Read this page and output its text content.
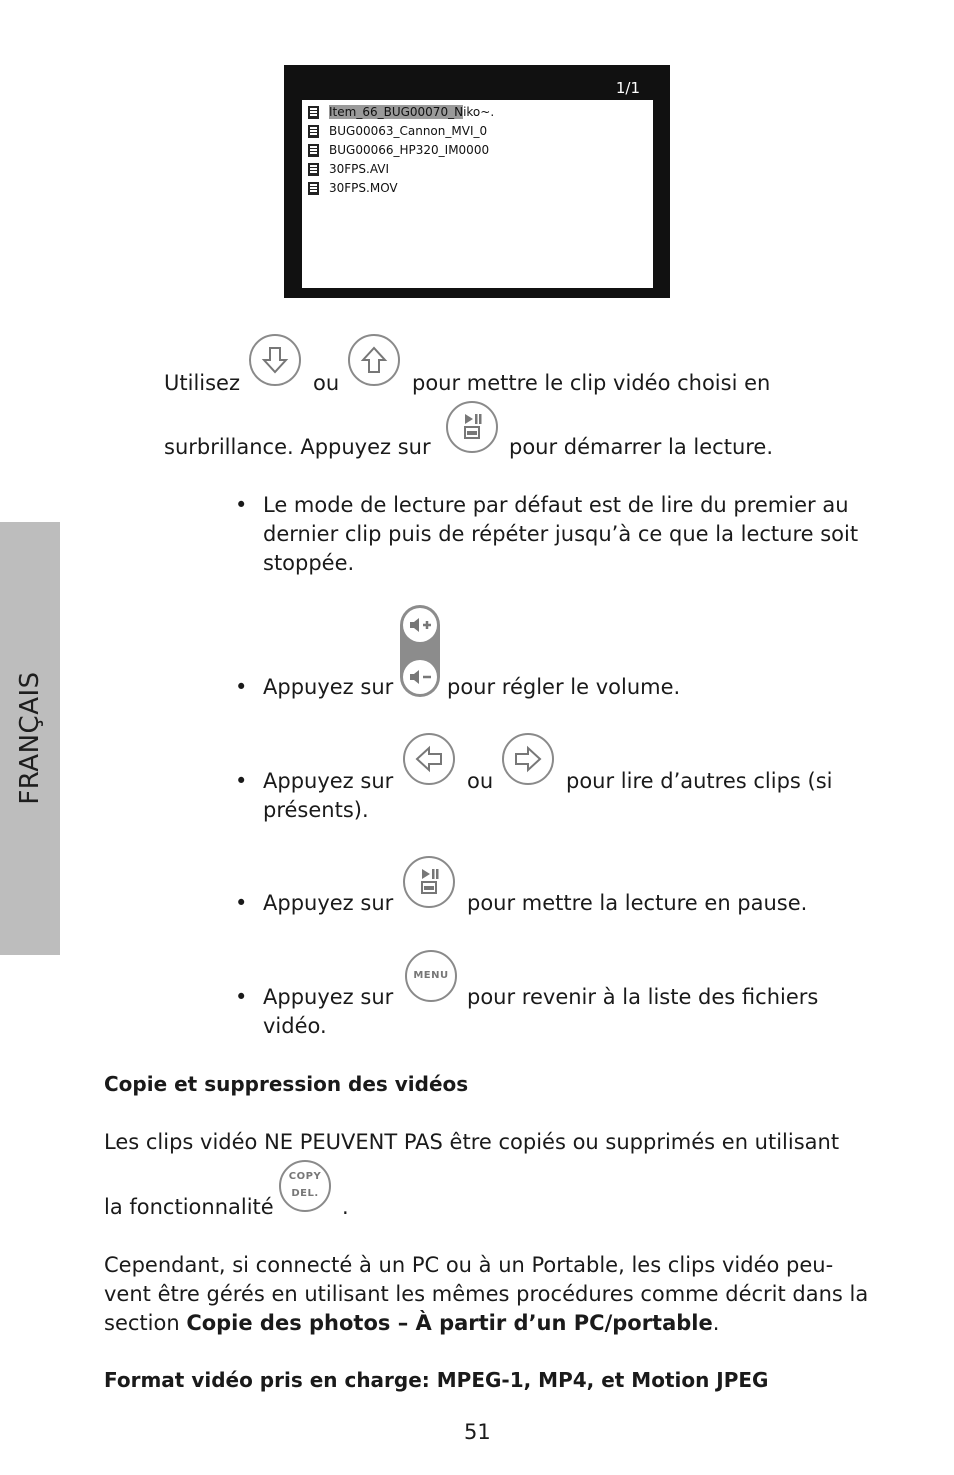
FRANÇAIS
1/1
Item_66_BUG00070_Niko~.
BUG00063_Cannon_MVI_0
BUG00066_HP320_IM0000
30FPS.AVI
30FPS.MOV
Utilisez	ou	pour mettre le clip vidéo choisi en
surbrillance. Appuyez sur	pour démarrer la lecture.
• Le mode de lecture par défaut est de lire du premier au
dernier clip puis de répéter jusqu’à ce que la lecture soit
stoppée.
• Appuyez sur	pour régler le volume.
• Appuyez sur	ou	pour lire d’autres clips (si
présents).
• Appuyez sur	pour mettre la lecture en pause.
• Appuyez sur
MENU
pour revenir à la liste des fichiers
vidéo.
Copie et suppression des vidéos
Les clips vidéo NE PEUVENT PAS être copiés ou supprimés en utilisant
la fonctionnalité
COPY
DEL.
.
Cependant, si connecté à un PC ou à un Portable, les clips vidéo peu-
vent être gérés en utilisant les mêmes procédures comme décrit dans la
section Copie des photos – À partir d’un PC/portable.
Format vidéo pris en charge: MPEG-1, MP4, et Motion JPEG
51
